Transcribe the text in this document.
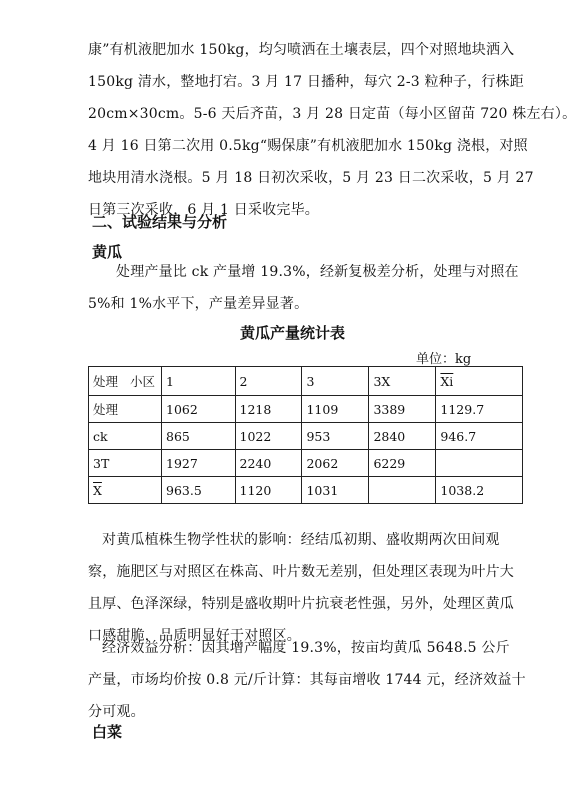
康”有机液肥加水 150kg，均匀喷洒在土壤表层，四个对照地块洒入
150kg 清水，整地打宕。3 月 17 日播种，每穴 2-3 粒种子，行株距
20cm×30cm。5-6 天后齐苗，3 月 28 日定苗（每小区留苗 720 株左右）。
4 月 16 日第二次用 0.5kg“赐保康”有机液肥加水 150kg 浇根，对照
地块用清水浇根。5 月 18 日初次采收，5 月 23 日二次采收，5 月 27
日第三次采收，6 月 1 日采收完毕。
二、试验结果与分析
黄瓜
处理产量比 ck 产量增 19.3%，经新复极差分析，处理与对照在
5%和 1%水平下，产量差异显著。
黄瓜产量统计表
单位：kg
处理 小区	1	2	3	3X	$\overline{Xi}$
处理	1062	1218	1109	3389	1129.7
ck	865	1022	953	2840	946.7
3T	1927	2240	2062	6229	
$\overline{X}$	963.5	1120	1031		1038.2
对黄瓜植株生物学性状的影响：经结瓜初期、盛收期两次田间观
察，施肥区与对照区在株高、叶片数无差别，但处理区表现为叶片大
且厚、色泽深绿，特别是盛收期叶片抗衰老性强，另外，处理区黄瓜
口感甜脆，品质明显好于对照区。
经济效益分析：因其增产幅度 19.3%，按亩均黄瓜 5648.5 公斤
产量，市场均价按 0.8 元/斤计算：其每亩增收 1744 元，经济效益十
分可观。
白菜
